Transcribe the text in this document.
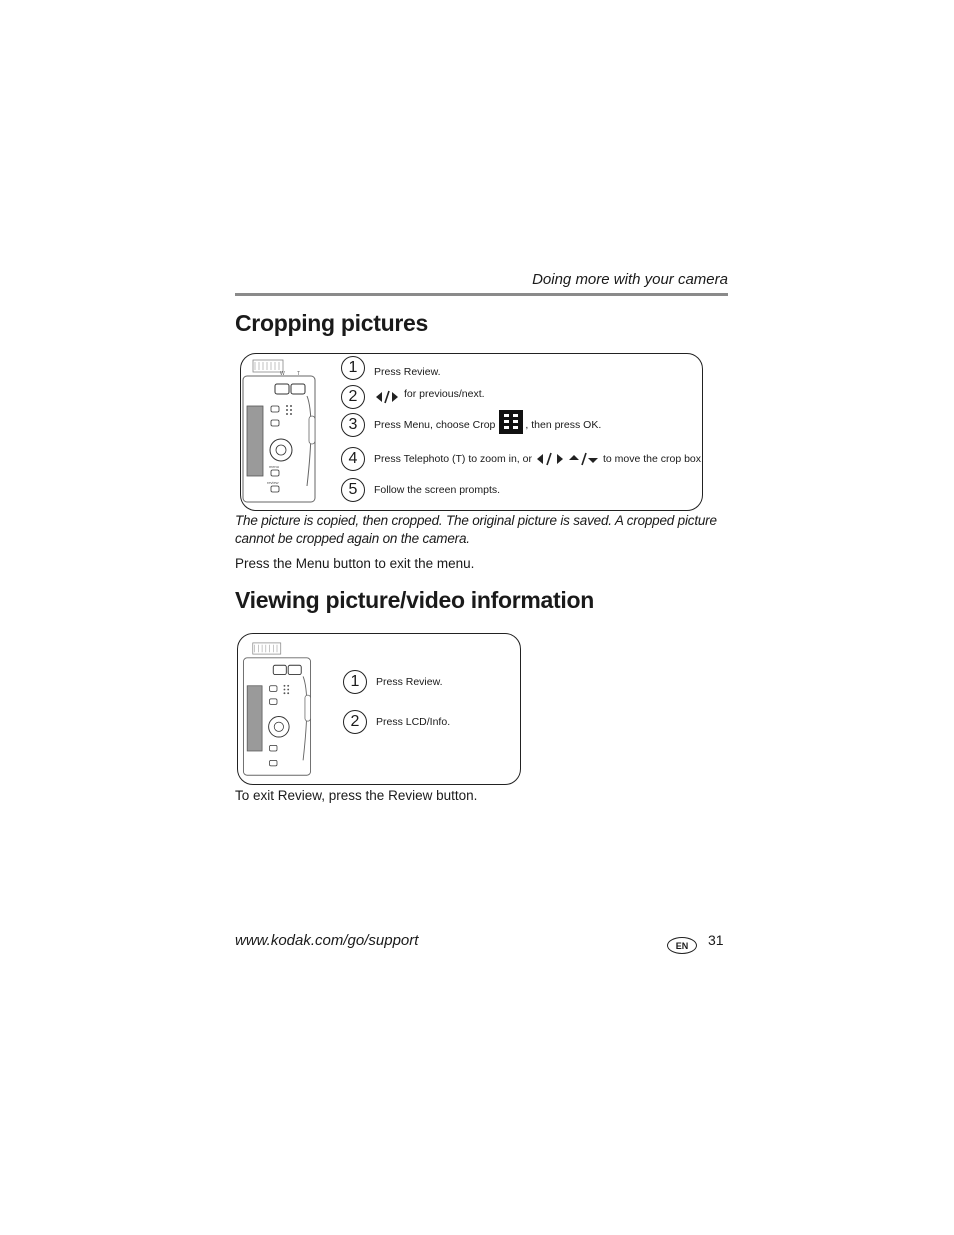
Doing more with your camera
Cropping pictures
W T
menu
review
1	Press Review.
2	for previous/next.
3	Press Menu, choose Crop	, then press OK.
4	Press Telephoto (T) to zoom in, or	to move the crop box.
5	Follow the screen prompts.
The picture is copied, then cropped. The original picture is saved. A cropped picture cannot be cropped again on the camera.
Press the Menu button to exit the menu.
Viewing picture/video information
1	Press Review.
2	Press LCD/Info.
To exit Review, press the Review button.
www.kodak.com/go/support	EN	31
